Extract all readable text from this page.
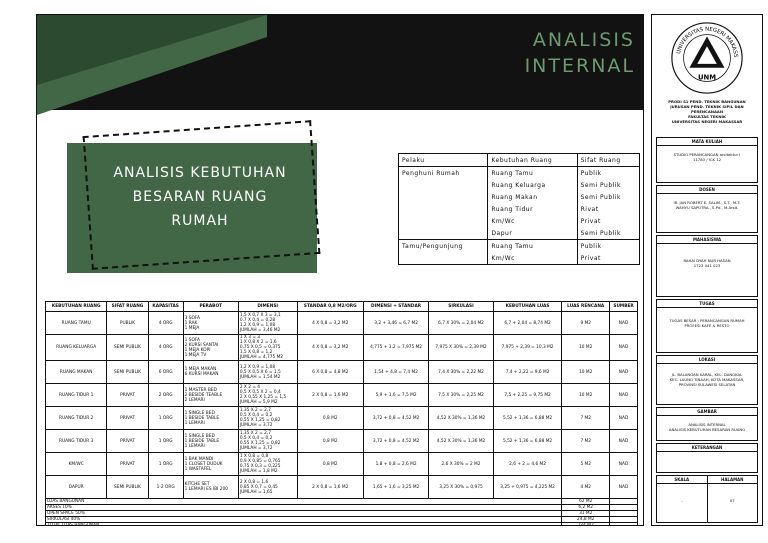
ANALISIS
INTERNAL
ANALISIS KEBUTUHAN
BESARAN RUANG
RUMAH
Pelaku	Kebutuhan Ruang	Sifat Ruang
Penghuni Rumah	Ruang Tamu	Publik
	Ruang Keluarga	Semi Publik
	Ruang Makan	Semi Publik
	Ruang Tidur	Rivat
	Km/Wc	Privat
	Dapur	Semi Publik
Tamu/Pengunjung	Ruang Tamu	Publik
	Km/Wc	Privat
KEBUTUHAN RUANG	SIFAT RUANG	KAPASITAS	PERABOT	DIMENSI	STANDAR 0,8 M2/ORG	DIMENSI + STANDAR	SIRKULASI	KEBUTUHAN LUAS	LUAS RENCANA	SUMBER
RUANG TAMU	PUBLIK	4 ORG	3 SOFA
1 RAK
1 MEJA	1,5 X 0,7 X 3 = 3,1
0,7 X 0,4 = 0,28
1,2 X 0,9 = 1,08
JUMLAH = 3,46 M2	4 X 0,8 = 3,2 M2	3,2 + 3,46 = 6,7 M2	6,7 X 30% = 2,04 M2	6,7 + 2,04 = 8,74 M2	9 M2	NAD
RUANG KELUARGA	SEMI PUBLIK	4 ORG	1 SOFA
2 KURSI SANTAI
1 MEJA KOPI
1 MEJA TV	1 X 3 = 3
1 X 0,8 X 2 = 1,6
0,75 X 0,5 = 0,375
1,5 X 0,8 = 1,2
JUMLAH = 4,775 M2	4 X 0,8 = 3,2 M2	4,775 + 3,2 = 7,975 M2	7,975 X 30% = 2,39 M2	7,975 + 2,39 = 10,3 M2	10 M2	NAD
RUANG MAKAN	SEMI PUBLIK	6 ORG	1 MEJA MAKAN
6 KURSI MAKAN	1,2 X 0,9 = 1,08
0,5 X 0,5 X 6 = 1,5
JUMLAH = 1,54 M2	6 X 0,8 = 4,8 M2	1,54 + 4,8 = 7,4 M2	7,4 X 30% = 2,22 M2	7,4 + 2,22 = 9,6 M2	10 M2	NAD
RUANG TIDUR 1	PRIVAT	2 ORG	1 MASTER BED
2 BESIDE TEABLE
2 LEMARI	2 X 2 = 4
0,5 X 0,5 X 2 = 0,4
2 X 0,55 X 1,25 = 1,5
JUMLAH = 5,9 M2	2 X 0,8 = 1,6 M2	5,9 + 1,6 = 7,5 M2	7,5 X 30% = 2,25 M2	7,5 + 2,25 = 9,75 M2	10 M2	NAD
RUANG TIDUR 2	PRIVAT	1 ORG	1 SINGLE BED
1 BESIDE TABLE
1 LEMARI	1,35 X 2 = 2,7
0,5 X 0,4 = 0,2
0,55 X 1,25 = 0,82
JUMLAH = 3,72	0,8 M2	3,72 + 0,8 = 4,52 M2	4,52 X 30% = 1,36 M2	5,52 + 1,36 = 6,88 M2	7 M2	NAD
RUANG TIDUR 3	PRIVAT	1 ORG	1 SINGLE BED
1 BESIDE TABLE
1 LEMARI	1,35 X 2 = 2,7
0,5 X 0,4 = 0,2
0,55 X 1,25 = 0,82
JUMLAH = 3,72	0,8 M2	3,72 + 0,8 = 4,52 M2	4,52 X 30% = 1,36 M2	5,52 + 1,36 = 6,88 M2	7 M2	NAD
KM/WC	PRIVAT	1 ORG	1 BAK MANDI
1 CLOSET DUDUK
1 WASTAFEL	1 X 0,8 = 0,8
0,9 X 0,85 = 0,765
0,75 X 0,3 = 0,225
JUMLAH = 1,8 M2	0,8 M2	1,8 + 0,8 = 2,6 M2	2,6 X 30% = 2 M2	2,6 + 2 = 4,6 M2	5 M2	NAD
DAPUR	SEMI PUBLIK	1-2 ORG	KITCHE SET
1 LEMARI ES IBI 200	2 X 0,8 = 1,6
0,85 X 0,7 = 0,45
JUMLAH = 1,65	2 X 0,8 = 1,6 M2	1,65 + 1,6 = 3,25 M2	3,25 X 30% = 0,975	3,25 + 0,975 = 4,225 M2	4 M2	NAD
LUAS BANGUNAN									62 M2	
AKSES 10%									6,2 M2	
OPEN SPACE 50%									31 M2	
SIRKULASI 40%									24,8 M2	
TOTAL LUAS BANGUNAN									124 M2	
UNM
UNIVERSITAS NEGERI MAKASS
PRODI S1 PEND. TEKNIK BANGUNAN
JURUSAN PEND. TEKNIK SIPIL DAN PERENCANAAN
FAKULTAS TEKNIK
UNIVERSITAS NEGERI MAKASSAR
MATA KULIAH
STUDIO PERANCANGAN arsitektur I
11783 / ICK 12
DOSEN
IR. JAN ROBERT E. SALIM., S.T., M.T.
WAHYU SAPUTRA., S.Pd., M.Arsit.
MAHASISWA
RAHAI DYAH NUR HASAN
1723 041 023
TUGAS
TUGAS BESAR : PERANCANGAN RUMAH
PROFESI KAFE & RESTO
LOKASI
JL. BALANGAN KARAL, KEL. DANGKAL
KEC. LUUNG TINAAH, KOTA MAKASSAR,
PROVINSI SULAWESI SELATAN
GAMBAR
ANALISIS INTERNAL
ANALISIS KEBUTUHAN BESARAN RUANG
KETERANGAN
SKALA
-
HALAMAN
07
